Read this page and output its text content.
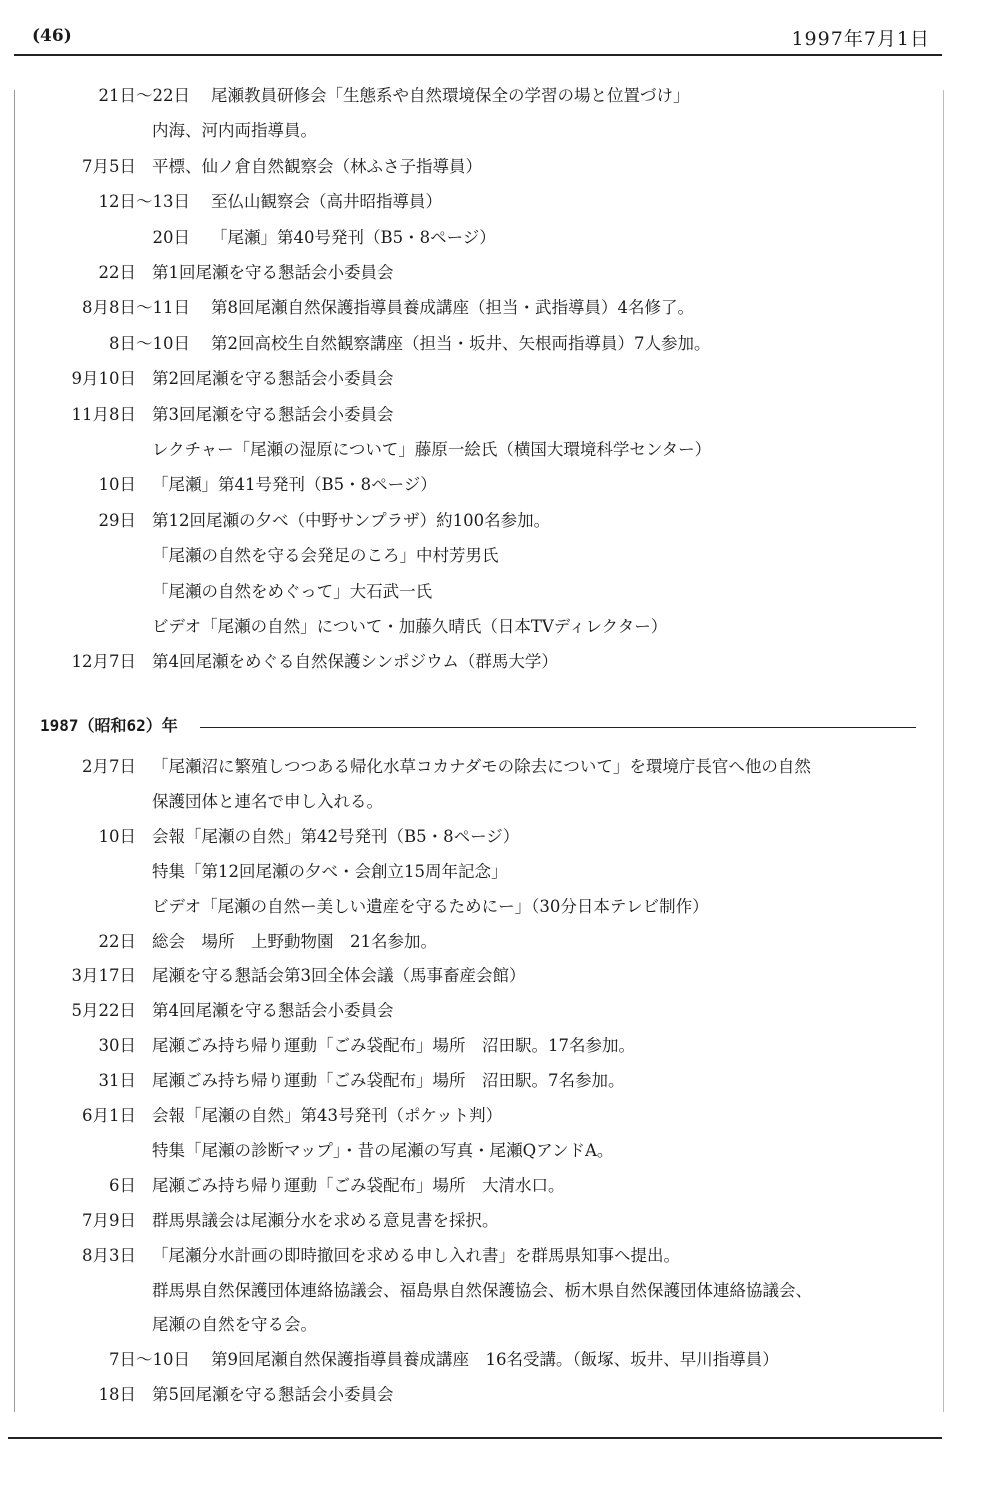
(46)	1997年7月1日
21日〜22日 尾瀬教員研修会「生態系や自然環境保全の学習の場と位置づけ」
内海、河内両指導員。
7月5日 平標、仙ノ倉自然観察会（林ふさ子指導員）
12日〜13日 至仏山観察会（高井昭指導員）
20日 「尾瀬」第40号発刊（B5・8ページ）
22日 第1回尾瀬を守る懇話会小委員会
8月8日〜11日 第8回尾瀬自然保護指導員養成講座（担当・武指導員）4名修了。
8日〜10日 第2回高校生自然観察講座（担当・坂井、矢根両指導員）7人参加。
9月10日 第2回尾瀬を守る懇話会小委員会
11月8日 第3回尾瀬を守る懇話会小委員会
レクチャー「尾瀬の湿原について」藤原一絵氏（横国大環境科学センター）
10日 「尾瀬」第41号発刊（B5・8ページ）
29日 第12回尾瀬の夕べ（中野サンプラザ）約100名参加。
「尾瀬の自然を守る会発足のころ」中村芳男氏
「尾瀬の自然をめぐって」大石武一氏
ビデオ「尾瀬の自然」について・加藤久晴氏（日本TVディレクター）
12月7日 第4回尾瀬をめぐる自然保護シンポジウム（群馬大学）
1987（昭和62）年
2月7日 「尾瀬沼に繁殖しつつある帰化水草コカナダモの除去について」を環境庁長官へ他の自然
保護団体と連名で申し入れる。
10日 会報「尾瀬の自然」第42号発刊（B5・8ページ）
特集「第12回尾瀬の夕べ・会創立15周年記念」
ビデオ「尾瀬の自然ー美しい遺産を守るためにー」（30分日本テレビ制作）
22日 総会　場所　上野動物園　21名参加。
3月17日 尾瀬を守る懇話会第3回全体会議（馬事畜産会館）
5月22日 第4回尾瀬を守る懇話会小委員会
30日 尾瀬ごみ持ち帰り運動「ごみ袋配布」場所　沼田駅。17名参加。
31日 尾瀬ごみ持ち帰り運動「ごみ袋配布」場所　沼田駅。7名参加。
6月1日 会報「尾瀬の自然」第43号発刊（ポケット判）
特集「尾瀬の診断マップ」・昔の尾瀬の写真・尾瀬QアンドA。
6日 尾瀬ごみ持ち帰り運動「ごみ袋配布」場所　大清水口。
7月9日 群馬県議会は尾瀬分水を求める意見書を採択。
8月3日 「尾瀬分水計画の即時撤回を求める申し入れ書」を群馬県知事へ提出。
群馬県自然保護団体連絡協議会、福島県自然保護協会、栃木県自然保護団体連絡協議会、
尾瀬の自然を守る会。
7日〜10日 第9回尾瀬自然保護指導員養成講座　16名受講。（飯塚、坂井、早川指導員）
18日 第5回尾瀬を守る懇話会小委員会
